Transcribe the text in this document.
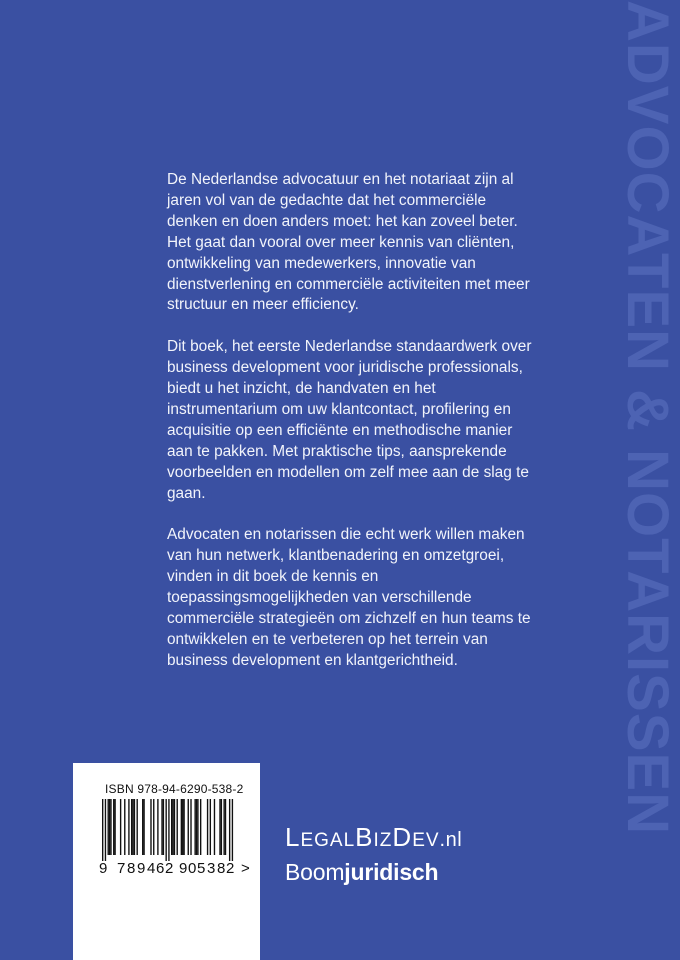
ADVOCATEN & NOTARISSEN

De Nederlandse advocatuur en het notariaat zijn al jaren vol van de gedachte dat het commerciële denken en doen anders moet: het kan zoveel beter. Het gaat dan vooral over meer kennis van cliënten, ontwikkeling van medewerkers, innovatie van dienstverlening en commerciële activiteiten met meer structuur en meer efficiency.

Dit boek, het eerste Nederlandse standaardwerk over business development voor juridische professionals, biedt u het inzicht, de handvaten en het instrumentarium om uw klantcontact, profilering en acquisitie op een efficiënte en methodische manier aan te pakken. Met praktische tips, aansprekende voorbeelden en modellen om zelf mee aan de slag te gaan.

Advocaten en notarissen die echt werk willen maken van hun netwerk, klantbenadering en omzetgroei, vinden in dit boek de kennis en toepassingsmogelijkheden van verschillende commerciële strategieën om zichzelf en hun teams te ontwikkelen en te verbeteren op het terrein van business development en klantgerichtheid.

ISBN 978-94-6290-538-2
9 7 8 9 4 6 2 9 0 5 3 8 2 >
LEGALBIZDEV.nl
Boomjuridisch
